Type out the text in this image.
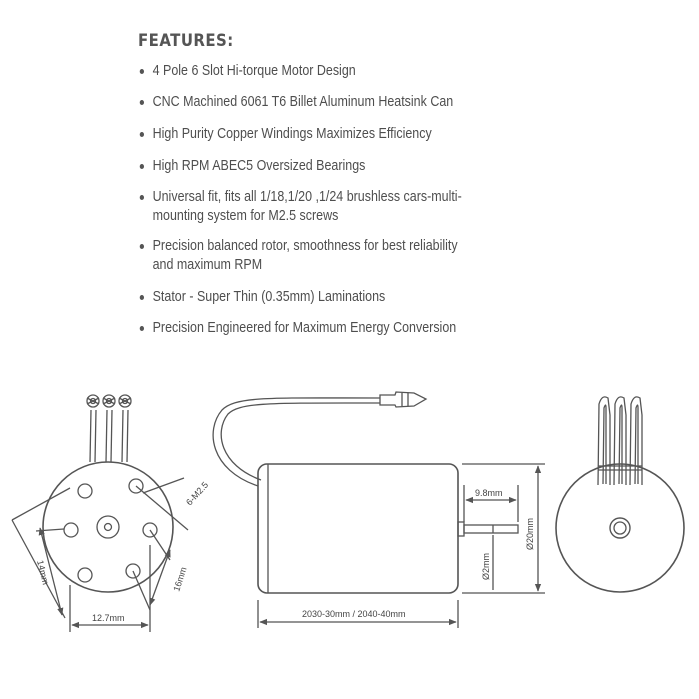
FEATURES:
4 Pole 6 Slot Hi-torque Motor Design
CNC Machined 6061 T6 Billet Aluminum Heatsink Can
High Purity Copper Windings Maximizes Efficiency
High RPM ABEC5 Oversized Bearings
Universal fit, fits all 1/18,1/20 ,1/24 brushless cars-multi-
mounting system for M2.5 screws
Precision balanced rotor, smoothness for best reliability
and maximum RPM
Stator - Super Thin (0.35mm) Laminations
Precision Engineered for Maximum Energy Conversion
6-M2.5
14mm	16mm
12.7mm	2030-30mm / 2040-40mm
9.8mm
Ø2mm
Ø20mm
